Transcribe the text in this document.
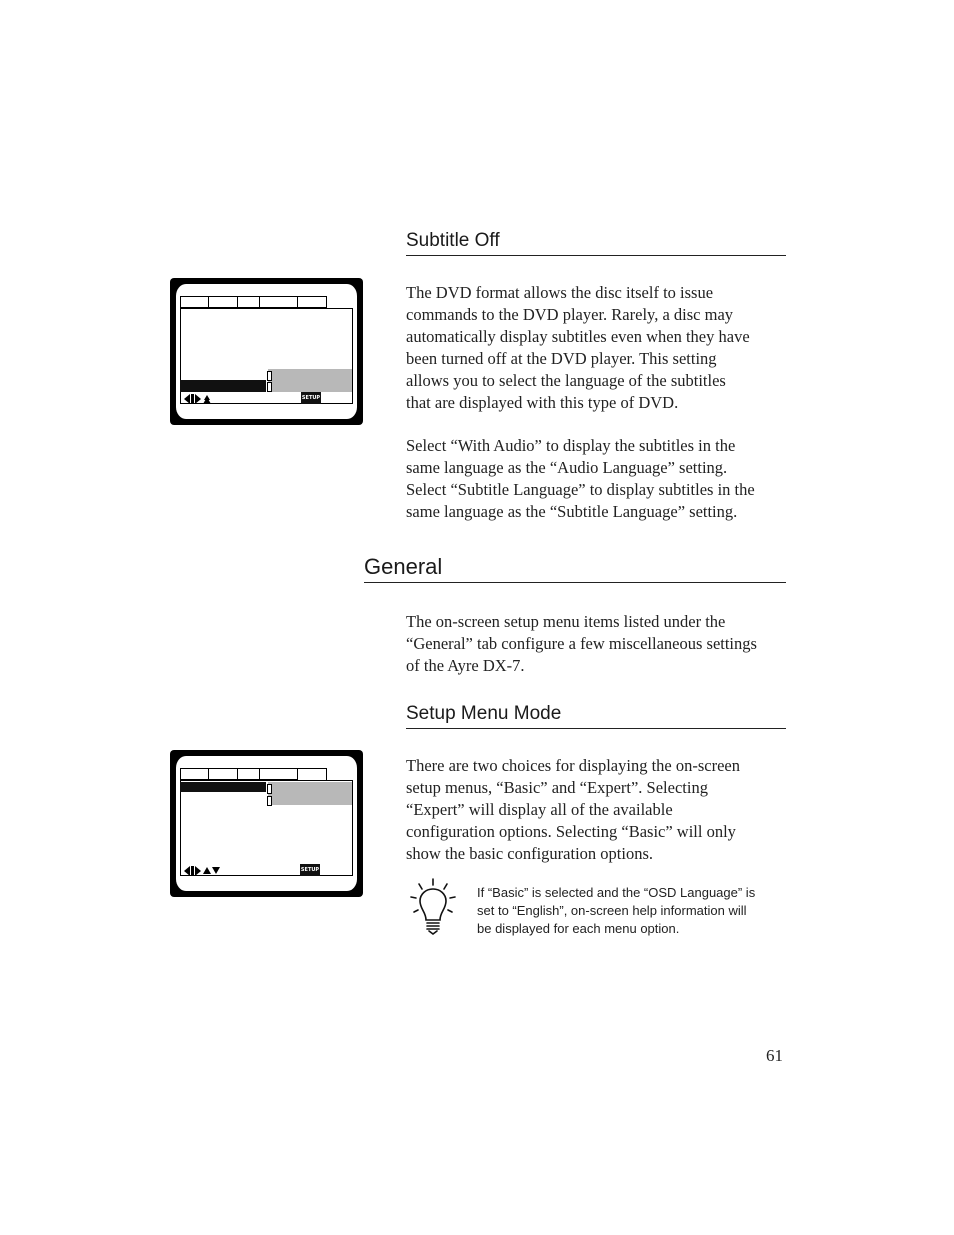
Subtitle Off
SETUP
The DVD format allows the disc itself to issue
commands to the DVD player. Rarely, a disc may
automatically display subtitles even when they have
been turned off at the DVD player. This setting
allows you to select the language of the subtitles
that are displayed with this type of DVD.
Select “With Audio” to display the subtitles in the
same language as the “Audio Language” setting.
Select “Subtitle Language” to display subtitles in the
same language as the “Subtitle Language” setting.
General
The on-screen setup menu items listed under the
“General” tab configure a few miscellaneous settings
of the Ayre DX-7.
Setup Menu Mode
SETUP
There are two choices for displaying the on-screen
setup menus, “Basic” and “Expert”. Selecting
“Expert” will display all of the available
configuration options. Selecting “Basic” will only
show the basic configuration options.
If “Basic” is selected and the “OSD Language” is
set to “English”, on-screen help information will
be displayed for each menu option.
61
